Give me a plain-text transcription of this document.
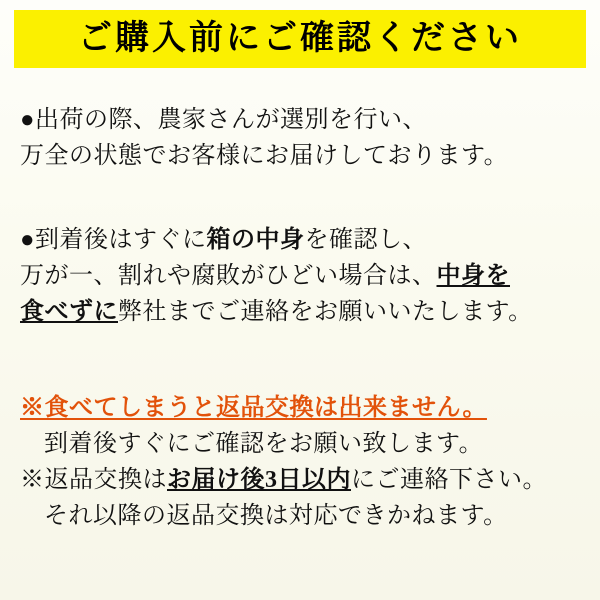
ご購入前にご確認ください
●出荷の際、農家さんが選別を行い、
万全の状態でお客様にお届けしております。
●到着後はすぐに箱の中身を確認し、
万が一、割れや腐敗がひどい場合は、中身を
食べずに弊社までご連絡をお願いいたします。
※食べてしまうと返品交換は出来ません。
到着後すぐにご確認をお願い致します。
※返品交換はお届け後3日以内にご連絡下さい。
それ以降の返品交換は対応できかねます。
